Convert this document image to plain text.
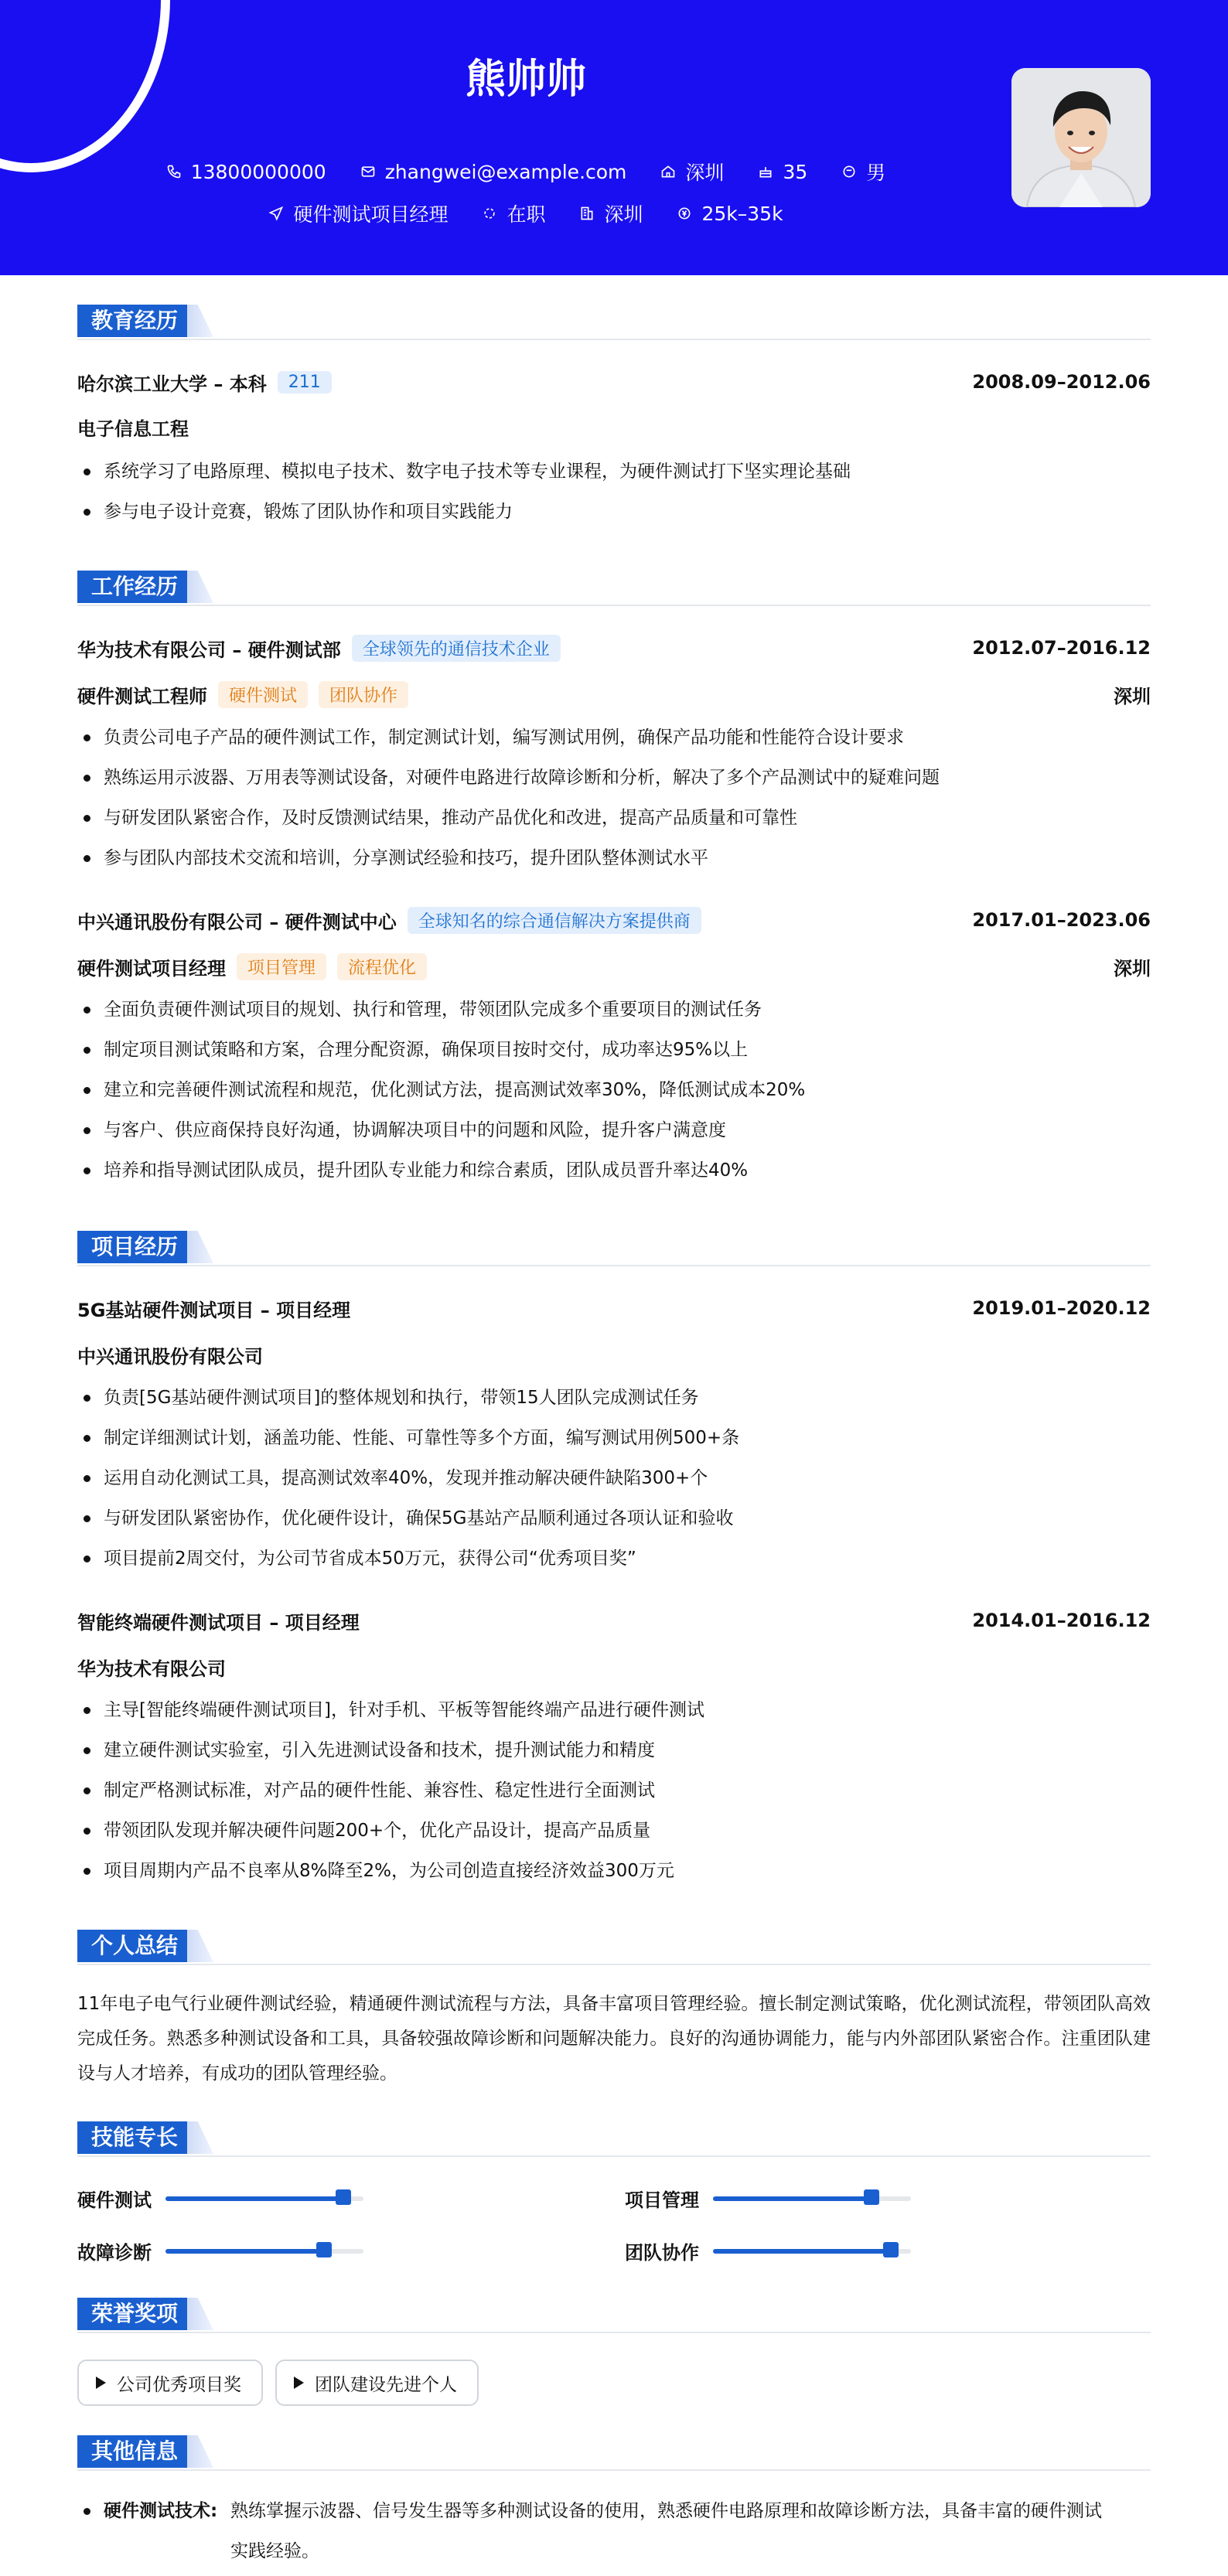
熊帅帅
13800000000	zhangwei@example.com	深圳	35	男
硬件测试项目经理	在职	深圳	25k–35k
教育经历
哈尔滨工业大学 – 本科	211	2008.09–2012.06
电子信息工程
系统学习了电路原理、模拟电子技术、数字电子技术等专业课程，为硬件测试打下坚实理论基础
参与电子设计竞赛，锻炼了团队协作和项目实践能力
工作经历
华为技术有限公司 – 硬件测试部	全球领先的通信技术企业	2012.07–2016.12
硬件测试工程师	硬件测试	团队协作	深圳
负责公司电子产品的硬件测试工作，制定测试计划，编写测试用例，确保产品功能和性能符合设计要求
熟练运用示波器、万用表等测试设备，对硬件电路进行故障诊断和分析，解决了多个产品测试中的疑难问题
与研发团队紧密合作，及时反馈测试结果，推动产品优化和改进，提高产品质量和可靠性
参与团队内部技术交流和培训，分享测试经验和技巧，提升团队整体测试水平
中兴通讯股份有限公司 – 硬件测试中心	全球知名的综合通信解决方案提供商	2017.01–2023.06
硬件测试项目经理	项目管理	流程优化	深圳
全面负责硬件测试项目的规划、执行和管理，带领团队完成多个重要项目的测试任务
制定项目测试策略和方案，合理分配资源，确保项目按时交付，成功率达95%以上
建立和完善硬件测试流程和规范，优化测试方法，提高测试效率30%，降低测试成本20%
与客户、供应商保持良好沟通，协调解决项目中的问题和风险，提升客户满意度
培养和指导测试团队成员，提升团队专业能力和综合素质，团队成员晋升率达40%
项目经历
5G基站硬件测试项目 – 项目经理	2019.01–2020.12
中兴通讯股份有限公司
负责[5G基站硬件测试项目]的整体规划和执行，带领15人团队完成测试任务
制定详细测试计划，涵盖功能、性能、可靠性等多个方面，编写测试用例500+条
运用自动化测试工具，提高测试效率40%，发现并推动解决硬件缺陷300+个
与研发团队紧密协作，优化硬件设计，确保5G基站产品顺利通过各项认证和验收
项目提前2周交付，为公司节省成本50万元，获得公司“优秀项目奖”
智能终端硬件测试项目 – 项目经理	2014.01–2016.12
华为技术有限公司
主导[智能终端硬件测试项目]，针对手机、平板等智能终端产品进行硬件测试
建立硬件测试实验室，引入先进测试设备和技术，提升测试能力和精度
制定严格测试标准，对产品的硬件性能、兼容性、稳定性进行全面测试
带领团队发现并解决硬件问题200+个，优化产品设计，提高产品质量
项目周期内产品不良率从8%降至2%，为公司创造直接经济效益300万元
个人总结
11年电子电气行业硬件测试经验，精通硬件测试流程与方法，具备丰富项目管理经验。擅长制定测试策略，优化测试流程，带领团队高效完成任务。熟悉多种测试设备和工具，具备较强故障诊断和问题解决能力。良好的沟通协调能力，能与内外部团队紧密合作。注重团队建设与人才培养，有成功的团队管理经验。
技能专长
硬件测试	项目管理
故障诊断	团队协作
荣誉奖项
公司优秀项目奖	团队建设先进个人
其他信息
硬件测试技术: 熟练掌握示波器、信号发生器等多种测试设备的使用，熟悉硬件电路原理和故障诊断方法，具备丰富的硬件测试
实践经验。
